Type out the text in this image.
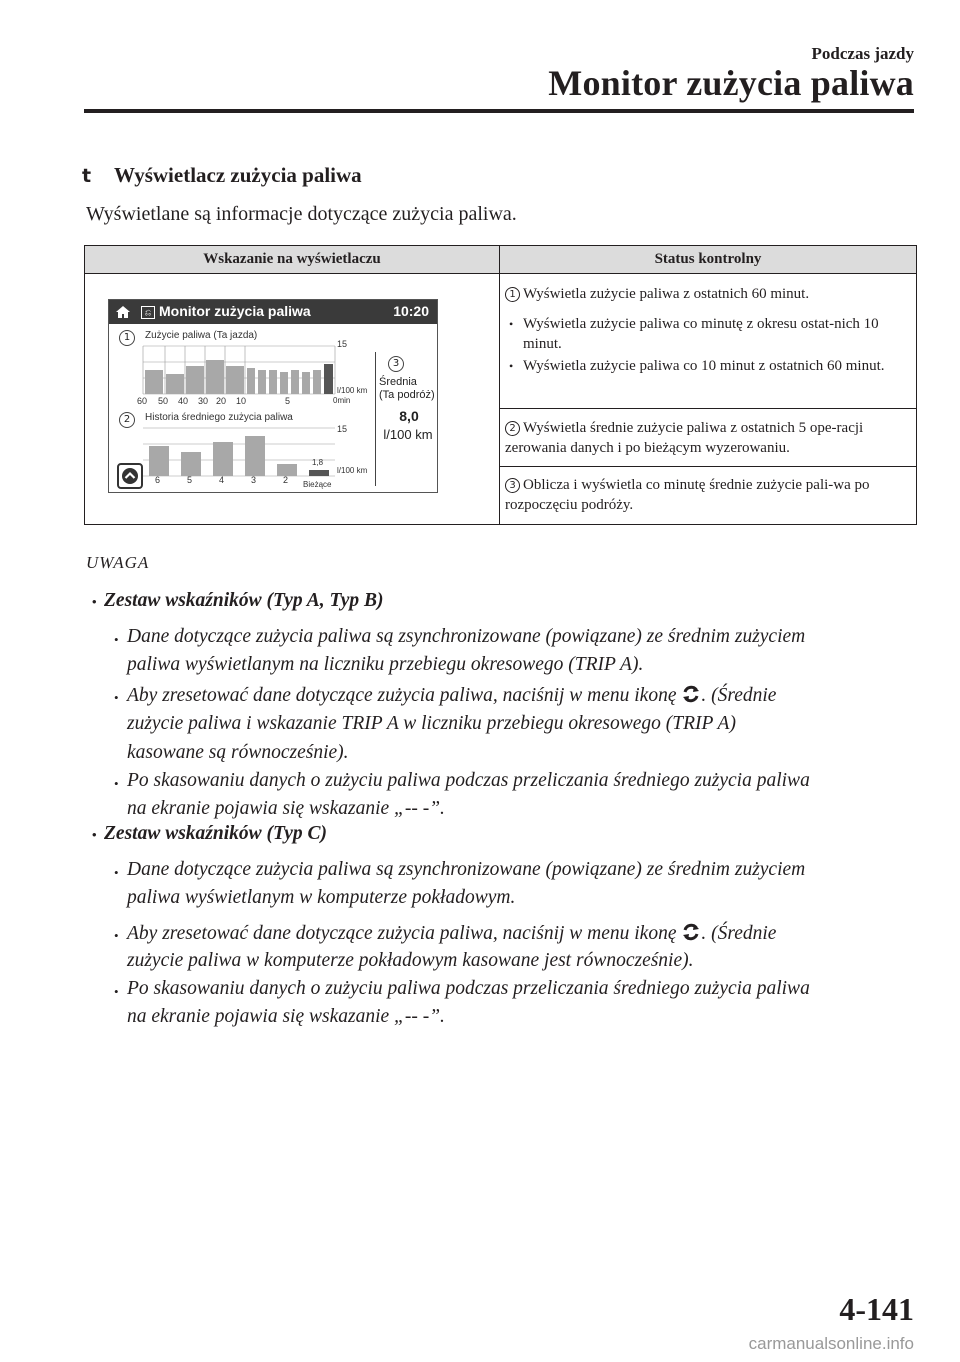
Podczas jazdy
Monitor zużycia paliwa
t Wyświetlacz zużycia paliwa
Wyświetlane są informacje dotyczące zużycia paliwa.
Wskazanie na wyświetlaczu	Status kontrolny
⎌ Monitor zużycia paliwa	10:20
1	Zużycie paliwa (Ta jazda)
15
l/100 km
0min
60 50 40 30 20 10	5
2	Historia średniego zużycia paliwa
15
l/100 km
1,8
6	5	4	3	2 Bieżące
3
Średnia
(Ta podróż)
8,0
l/100 km
1 Wyświetla zużycie paliwa z ostatnich 60 minut.
• Wyświetla zużycie paliwa co minutę z okresu ostat-nich 10 minut.
• Wyświetla zużycie paliwa co 10 minut z ostatnich 60 minut.
2 Wyświetla średnie zużycie paliwa z ostatnich 5 ope-racji zerowania danych i po bieżącym wyzerowaniu.
3 Oblicza i wyświetla co minutę średnie zużycie pali-wa po rozpoczęciu podróży.
UWAGA
• Zestaw wskaźników (Typ A, Typ B)
Dane dotyczące zużycia paliwa są zsynchronizowane (powiązane) ze średnim zużyciem
•
paliwa wyświetlanym na liczniku przebiegu okresowego (TRIP A).
• Aby zresetować dane dotyczące zużycia paliwa, naciśnij w menu ikonę . (Średnie
zużycie paliwa i wskazanie TRIP A w liczniku przebiegu okresowego (TRIP A)
kasowane są równocześnie).
• Po skasowaniu danych o zużyciu paliwa podczas przeliczania średniego zużycia paliwa
na ekranie pojawia się wskazanie „-- -”.
• Zestaw wskaźników (Typ C)
• Dane dotyczące zużycia paliwa są zsynchronizowane (powiązane) ze średnim zużyciem
paliwa wyświetlanym w komputerze pokładowym.
• Aby zresetować dane dotyczące zużycia paliwa, naciśnij w menu ikonę . (Średnie
zużycie paliwa w komputerze pokładowym kasowane jest równocześnie).
• Po skasowaniu danych o zużyciu paliwa podczas przeliczania średniego zużycia paliwa
na ekranie pojawia się wskazanie „-- -”.
4-141
carmanualsonline.info
